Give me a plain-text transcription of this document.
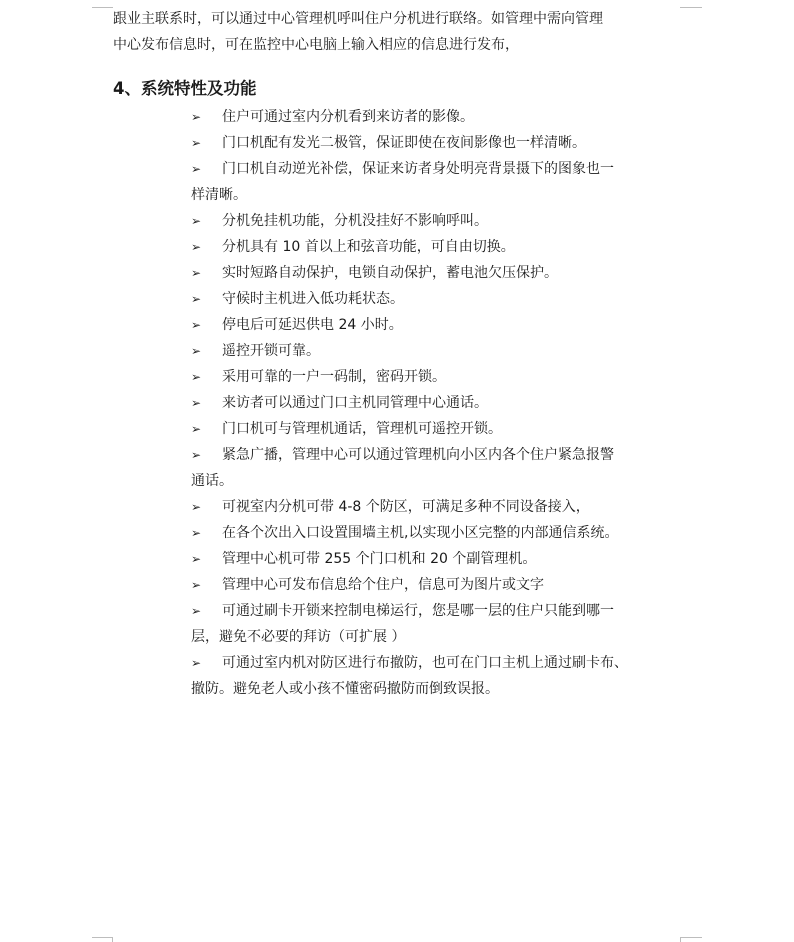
跟业主联系时，可以通过中心管理机呼叫住户分机进行联络。如管理中需向管理

中心发布信息时，可在监控中心电脑上输入相应的信息进行发布，

4、系统特性及功能
➢ 住户可通过室内分机看到来访者的影像。
➢ 门口机配有发光二极管，保证即使在夜间影像也一样清晰。
➢ 门口机自动逆光补偿，保证来访者身处明亮背景摄下的图象也一
样清晰。
➢ 分机免挂机功能，分机没挂好不影响呼叫。
➢ 分机具有 10 首以上和弦音功能，可自由切换。
➢ 实时短路自动保护，电锁自动保护，蓄电池欠压保护。
➢ 守候时主机进入低功耗状态。
➢ 停电后可延迟供电 24 小时。
➢ 遥控开锁可靠。
➢ 采用可靠的一户一码制，密码开锁。
➢ 来访者可以通过门口主机同管理中心通话。
➢ 门口机可与管理机通话，管理机可遥控开锁。
➢ 紧急广播，管理中心可以通过管理机向小区内各个住户紧急报警
通话。
➢ 可视室内分机可带 4-8 个防区，可满足多种不同设备接入，
➢ 在各个次出入口设置围墙主机,以实现小区完整的内部通信系统。
➢ 管理中心机可带 255 个门口机和 20 个副管理机。
➢ 管理中心可发布信息给个住户，信息可为图片或文字
➢ 可通过刷卡开锁来控制电梯运行，您是哪一层的住户只能到哪一
层，避免不必要的拜访（可扩展 ）
➢ 可通过室内机对防区进行布撤防，也可在门口主机上通过刷卡布、
撤防。避免老人或小孩不懂密码撤防而倒致误报。
